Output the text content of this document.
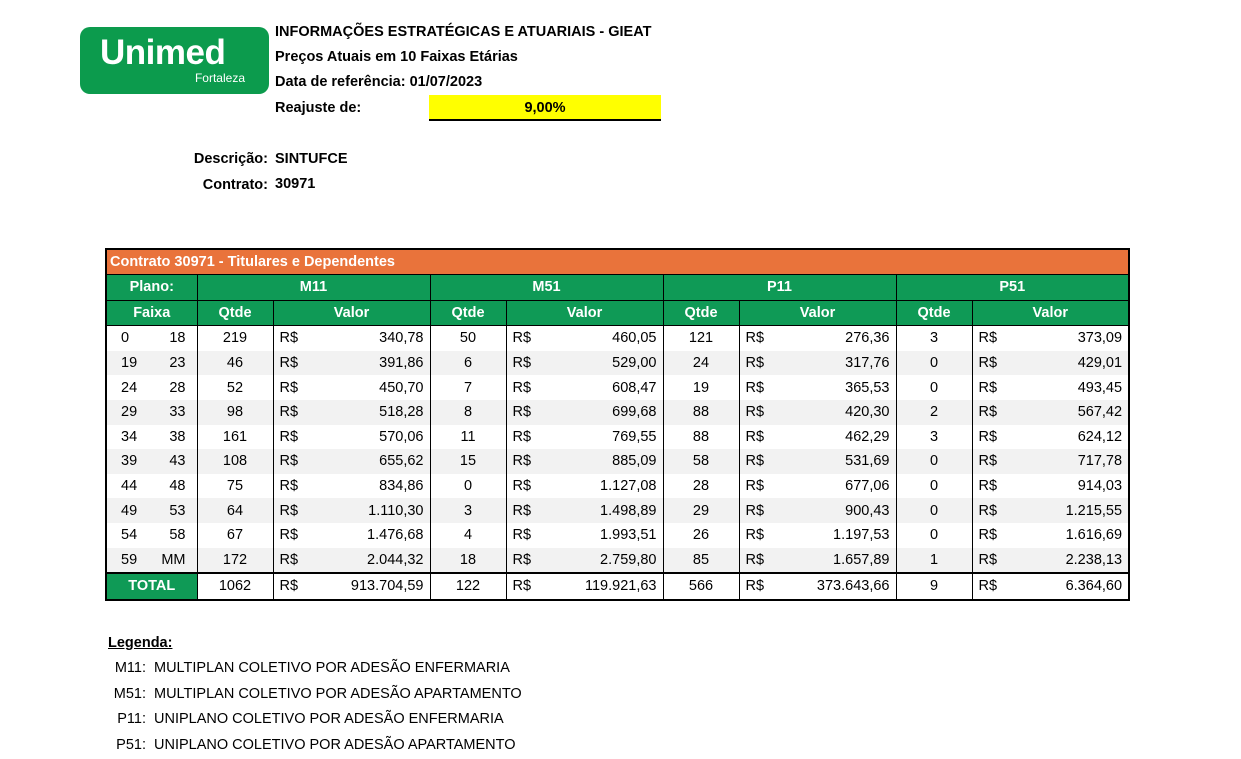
Unimed
Fortaleza
INFORMAÇÕES ESTRATÉGICAS E ATUARIAIS - GIEAT
Preços Atuais em 10 Faixas Etárias
Data de referência: 01/07/2023
Reajuste de:	9,00%
Descrição: SINTUFCE
Contrato: 30971
Contrato 30971 - Titulares e Dependentes												
Plano:	M11			M51			P11			P51		
Faixa	Qtde	Valor		Qtde	Valor		Qtde	Valor		Qtde	Valor	

0 18	219	R$	340,78	50	R$	460,05	121	R$	276,36	3	R$	373,09

19 23	46	R$	391,86	6	R$	529,00	24	R$	317,76	0	R$	429,01

24 28	52	R$	450,70	7	R$	608,47	19	R$	365,53	0	R$	493,45

29 33	98	R$	518,28	8	R$	699,68	88	R$	420,30	2	R$	567,42

34 38	161	R$	570,06	11	R$	769,55	88	R$	462,29	3	R$	624,12

39 43	108	R$	655,62	15	R$	885,09	58	R$	531,69	0	R$	717,78

44 48	75	R$	834,86	0	R$	1.127,08	28	R$	677,06	0	R$	914,03

49 53	64	R$	1.110,30	3	R$	1.498,89	29	R$	900,43	0	R$	1.215,55

54 58	67	R$	1.476,68	4	R$	1.993,51	26	R$	1.197,53	0	R$	1.616,69

59 MM	172	R$	2.044,32	18	R$	2.759,80	85	R$	1.657,89	1	R$	2.238,13
TOTAL	1062	R$	913.704,59	122	R$	119.921,63	566	R$	373.643,66	9	R$	6.364,60
Legenda:
M11: MULTIPLAN COLETIVO POR ADESÃO ENFERMARIA
M51: MULTIPLAN COLETIVO POR ADESÃO APARTAMENTO
P11: UNIPLANO COLETIVO POR ADESÃO ENFERMARIA
P51: UNIPLANO COLETIVO POR ADESÃO APARTAMENTO
